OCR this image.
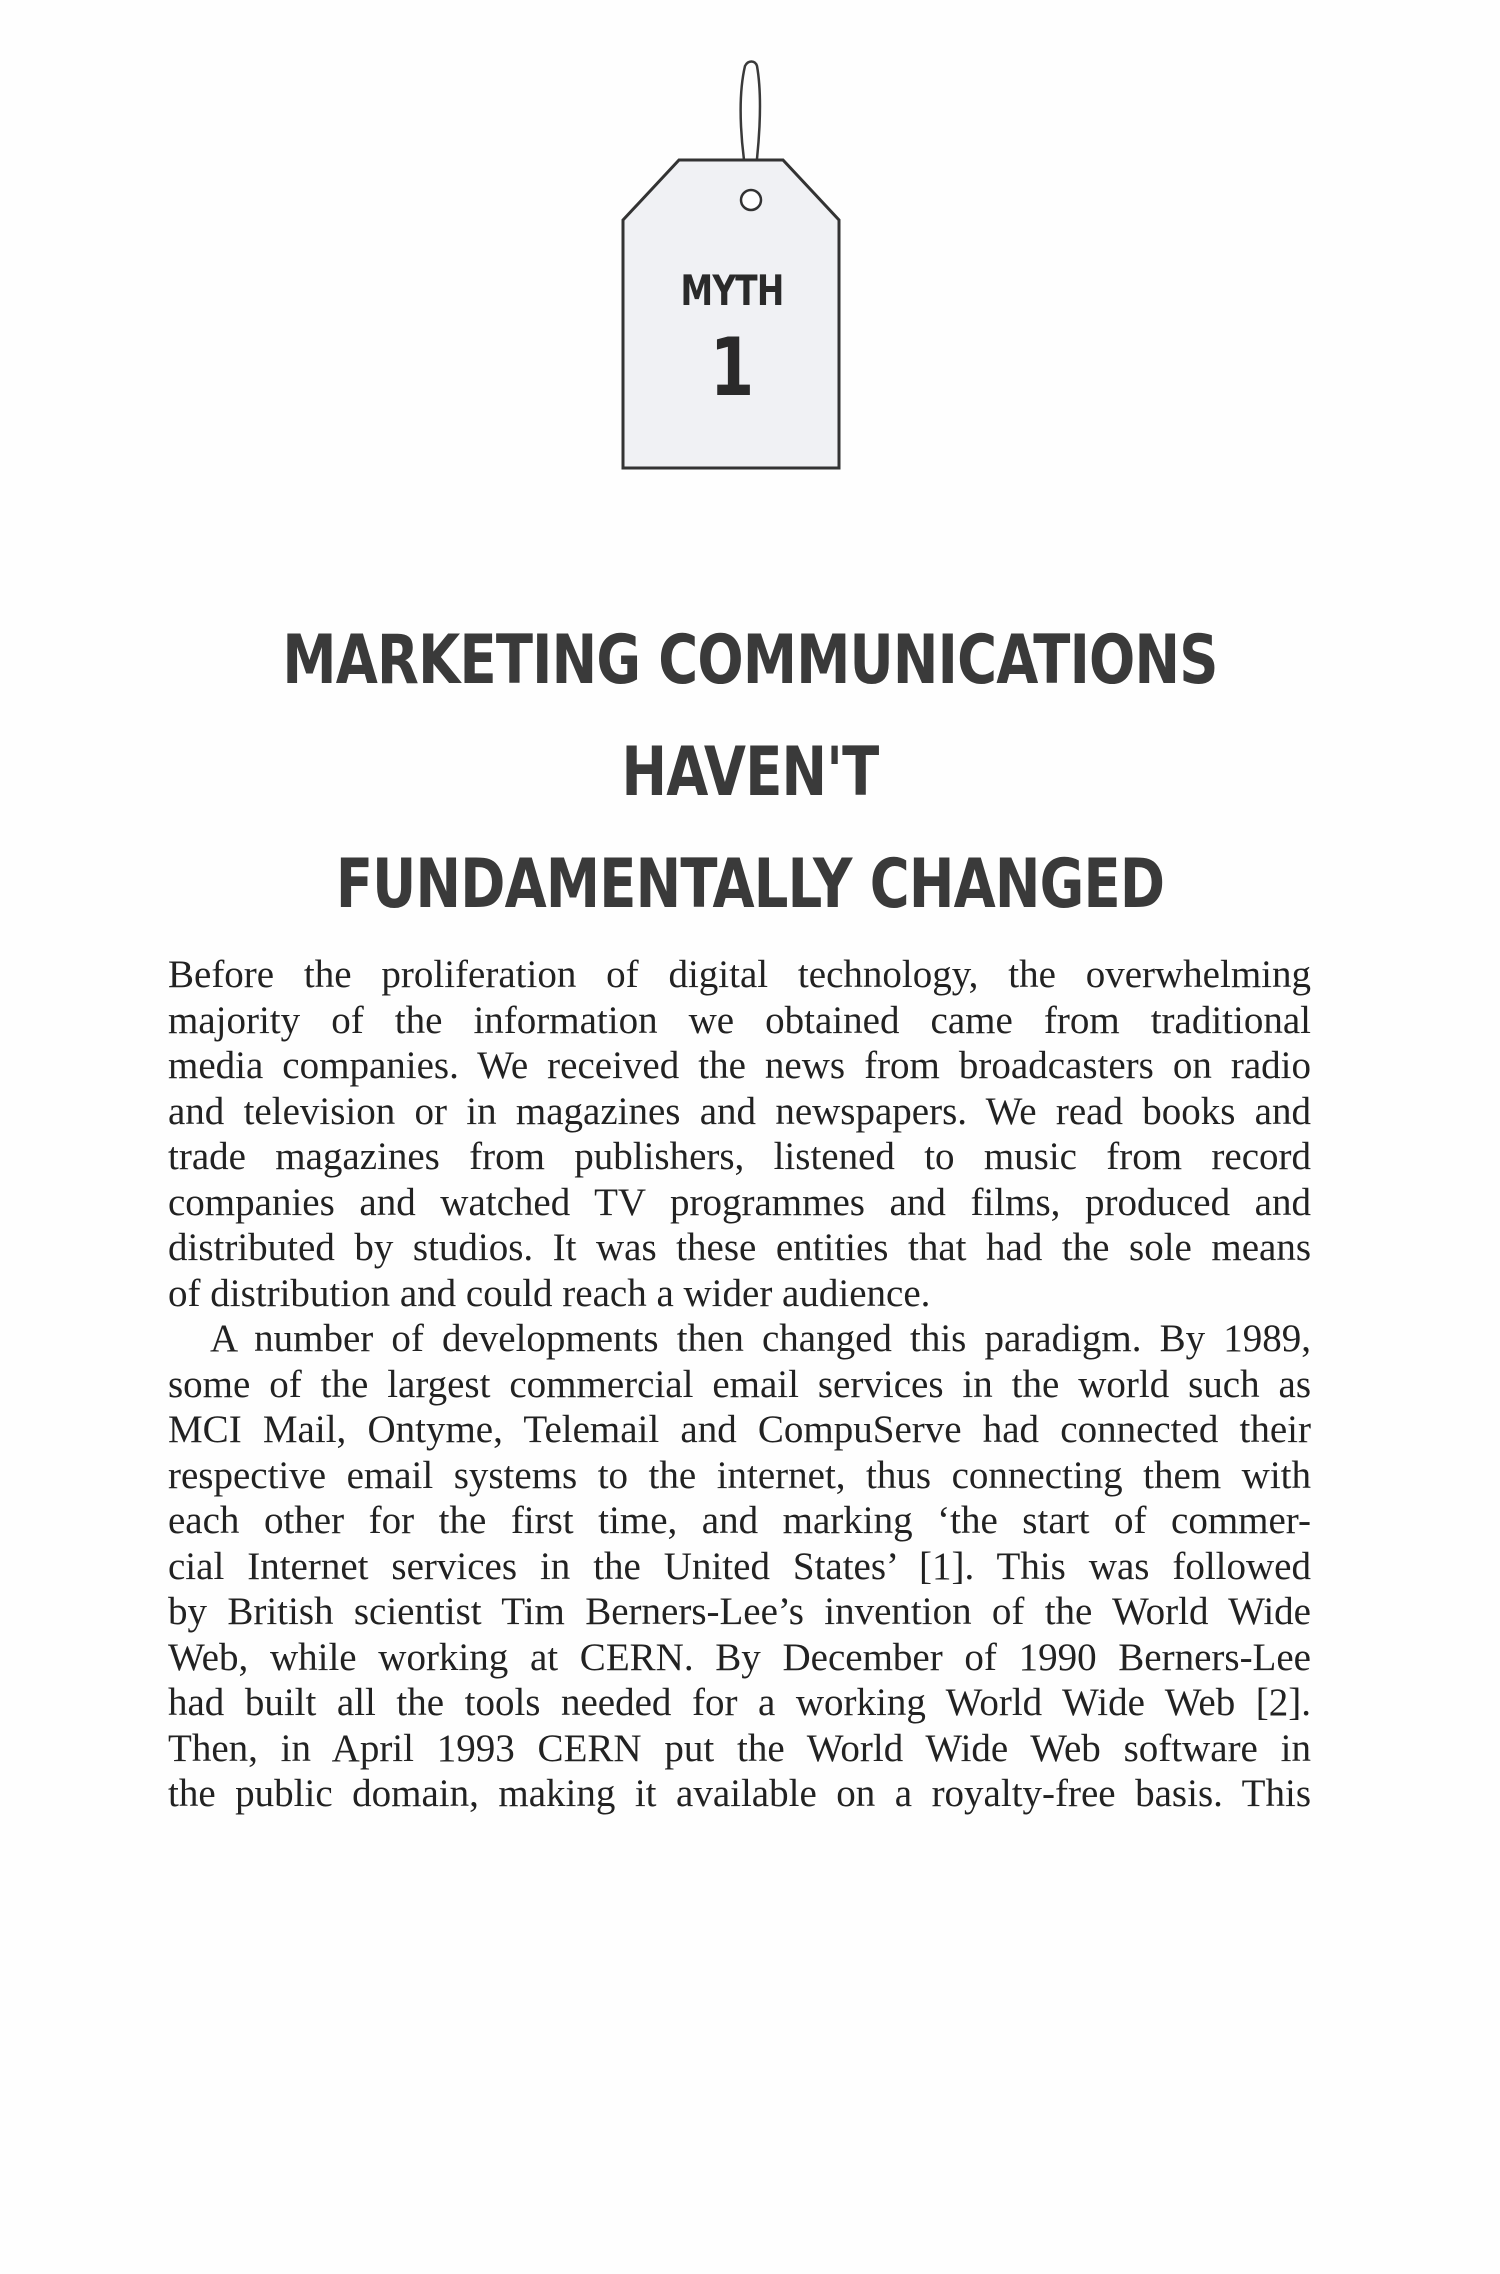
MYTH
1
MARKETING COMMUNICATIONS HAVEN'T
FUNDAMENTALLY CHANGED
Before the proliferation of digital technology, the overwhelming
majority of the information we obtained came from traditional
media companies. We received the news from broadcasters on radio
and television or in magazines and newspapers. We read books and
trade magazines from publishers, listened to music from record
companies and watched TV programmes and films, produced and
distributed by studios. It was these entities that had the sole means
of distribution and could reach a wider audience.
A number of developments then changed this paradigm. By 1989,
some of the largest commercial email services in the world such as
MCI Mail, Ontyme, Telemail and CompuServe had connected their
respective email systems to the internet, thus connecting them with
each other for the first time, and marking ‘the start of commer-
cial Internet services in the United States’ [1]. This was followed
by British scientist Tim Berners-Lee’s invention of the World Wide
Web, while working at CERN. By December of 1990 Berners-Lee
had built all the tools needed for a working World Wide Web [2].
Then, in April 1993 CERN put the World Wide Web software in
the public domain, making it available on a royalty-free basis. This
